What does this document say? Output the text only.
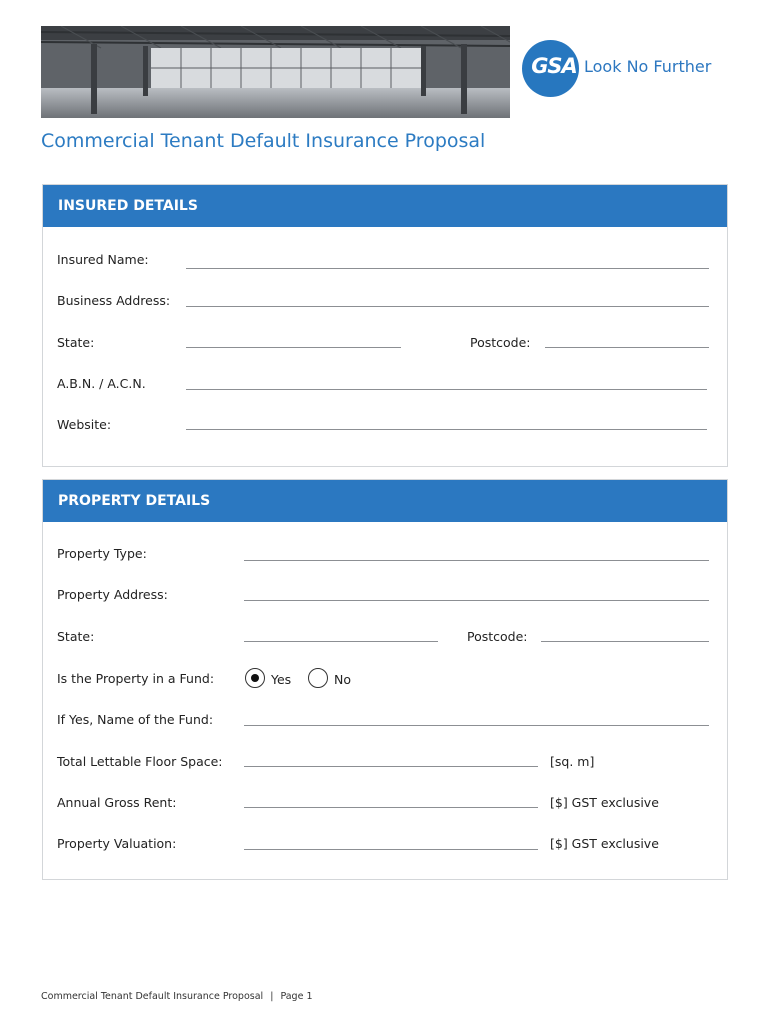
GSA Look No Further
Commercial Tenant Default Insurance Proposal
INSURED DETAILS
Insured Name:
Business Address:
State:	Postcode:
A.B.N. / A.C.N.
Website:
PROPERTY DETAILS
Property Type:
Property Address:
State:	Postcode:
Is the Property in a Fund:	Yes	No
If Yes, Name of the Fund:
Total Lettable Floor Space:	[sq. m]
Annual Gross Rent:	[$] GST exclusive
Property Valuation:	[$] GST exclusive
Commercial Tenant Default Insurance Proposal | Page 1
